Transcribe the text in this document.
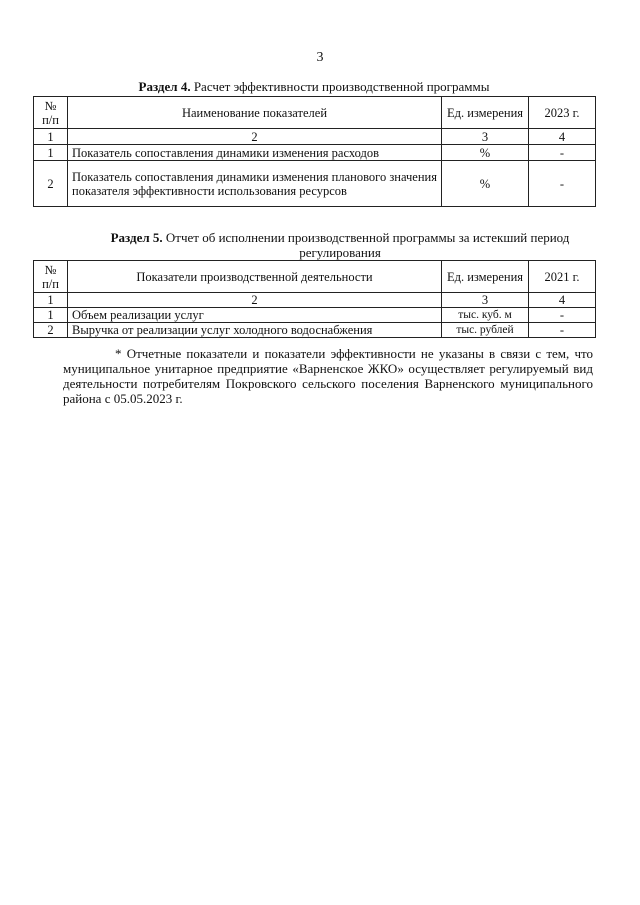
3
Раздел 4. Расчет эффективности производственной программы
№ п/п	Наименование показателей	Ед. измерения	2023 г.
1	2	3	4
1	Показатель сопоставления динамики изменения расходов	%	-
2	Показатель сопоставления динамики изменения планового значения показателя эффективности использования ресурсов	%	-
Раздел 5. Отчет об исполнении производственной программы за истекший период регулирования
№ п/п	Показатели производственной деятельности	Ед. измерения	2021 г.
1	2	3	4
1	Объем реализации услуг	тыс. куб. м	-
2	Выручка от реализации услуг холодного водоснабжения	тыс. рублей	-
* Отчетные показатели и показатели эффективности не указаны в связи с тем, что муниципальное унитарное предприятие «Варненское ЖКО» осуществляет регулируемый вид деятельности потребителям Покровского сельского поселения Варненского муниципального района с 05.05.2023 г.
